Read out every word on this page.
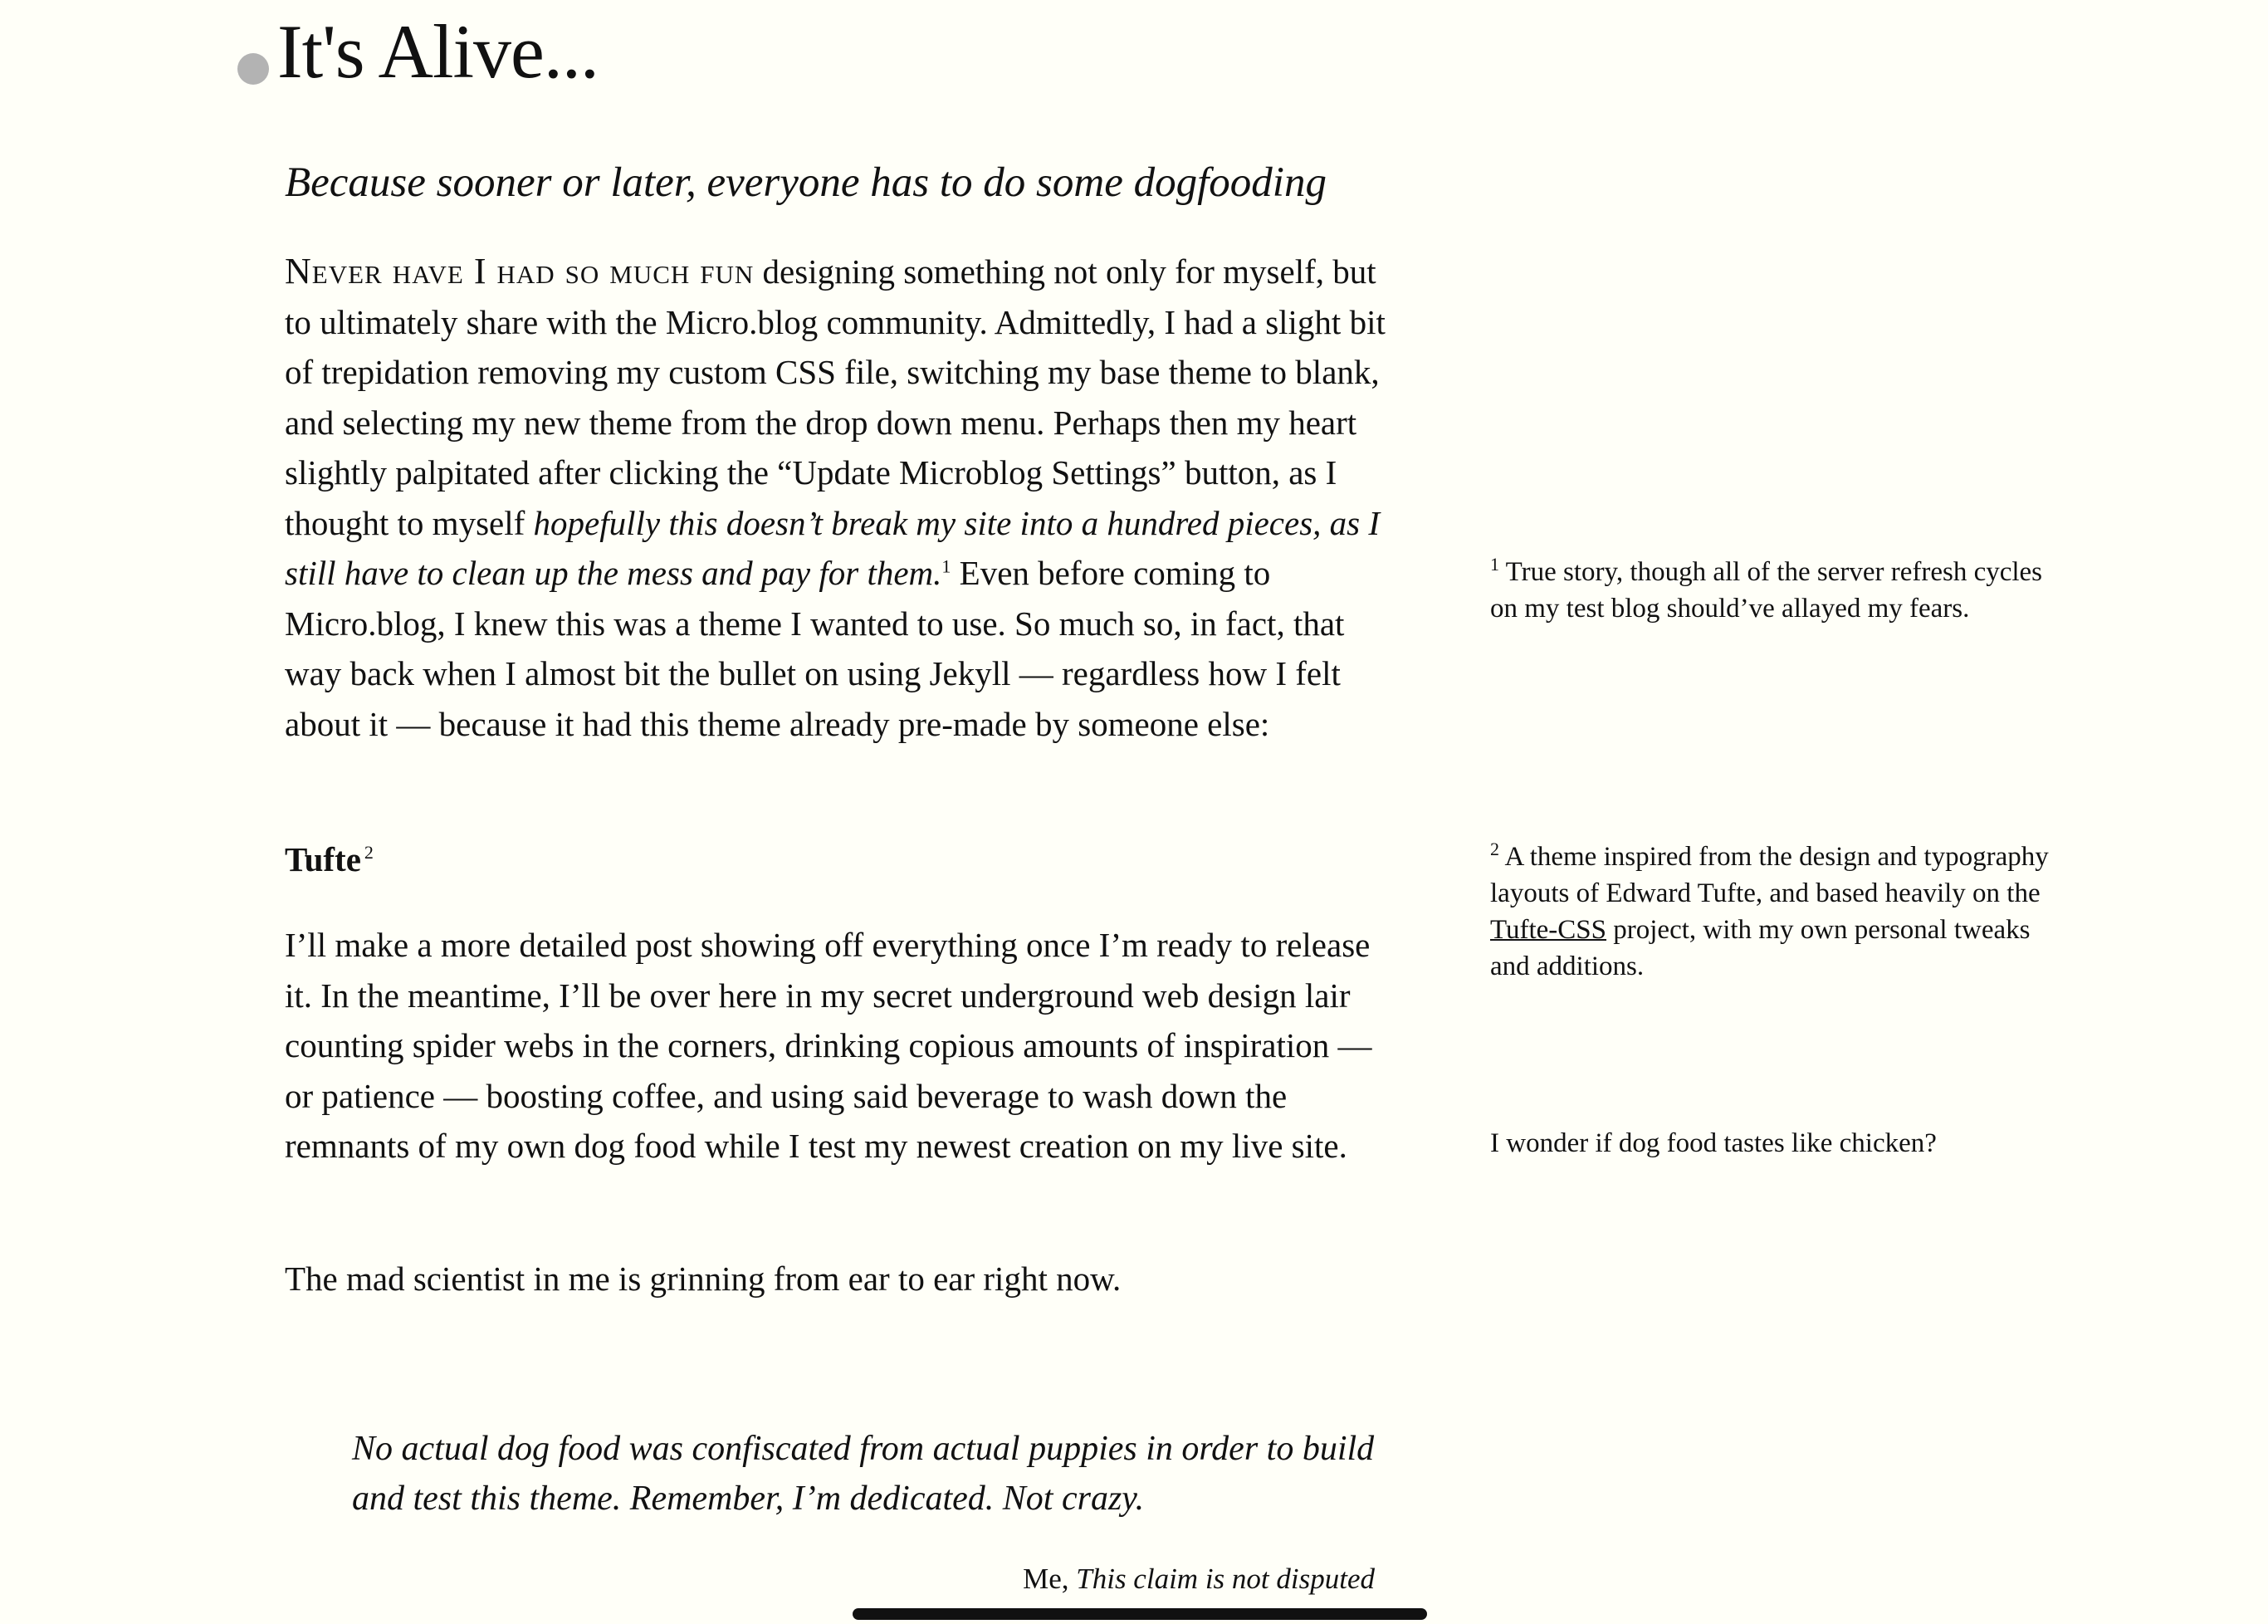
It's Alive...
Because sooner or later, everyone has to do some dogfooding

Never have I had so much fun designing something not only for myself, but to ultimately share with the Micro.blog community. Admittedly, I had a slight bit of trepidation removing my custom CSS file, switching my base theme to blank, and selecting my new theme from the drop down menu. Perhaps then my heart slightly palpitated after clicking the “Update Microblog Settings” button, as I thought to myself hopefully this doesn’t break my site into a hundred pieces, as I still have to clean up the mess and pay for them.$^1$ Even before coming to Micro.blog, I knew this was a theme I wanted to use. So much so, in fact, that way back when I almost bit the bullet on using Jekyll — regardless how I felt about it — because it had this theme already pre-made by someone else:

Tufte $^2$

I’ll make a more detailed post showing off everything once I’m ready to release it. In the meantime, I’ll be over here in my secret underground web design lair counting spider webs in the corners, drinking copious amounts of inspiration — or patience — boosting coffee, and using said beverage to wash down the remnants of my own dog food while I test my newest creation on my live site.

The mad scientist in me is grinning from ear to ear right now.

$^1$ True story, though all of the server refresh cycles on my test blog should’ve allayed my fears.

$^2$ A theme inspired from the design and typography layouts of Edward Tufte, and based heavily on the Tufte-CSS project, with my own personal tweaks and additions.

I wonder if dog food tastes like chicken?

No actual dog food was confiscated from actual puppies in order to build and test this theme. Remember, I’m dedicated. Not crazy.

Me, This claim is not disputed
